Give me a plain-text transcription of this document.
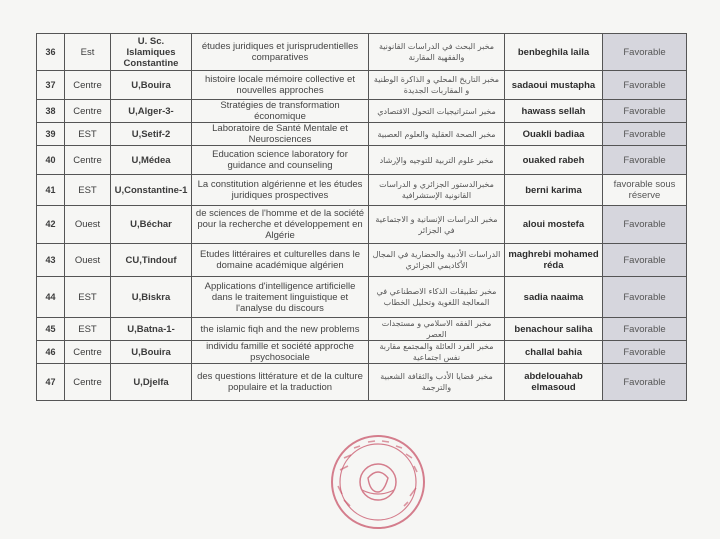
36	Est	U. Sc. Islamiques Constantine	études juridiques et jurisprudentielles comparatives	مخبر البحث في الدراسات القانونية والفقهية المقارنة	benbeghila laila	Favorable
37	Centre	U,Bouira	histoire locale mémoire collective et nouvelles approches	مخبر التاريخ المحلي و الذاكرة الوطنية و المقاربات الجديدة	sadaoui mustapha	Favorable
38	Centre	U,Alger-3-	Stratégies de transformation économique	مخبر استراتيجيات التحول الاقتصادي	hawass sellah	Favorable
39	EST	U,Setif-2	Laboratoire de Santé Mentale et Neurosciences	مخبر الصحة العقلية والعلوم العصبية	Ouakli badiaa	Favorable
40	Centre	U,Médea	Education science laboratory for guidance and counseling	مخبر علوم التربية للتوجيه والإرشاد	ouaked rabeh	Favorable
41	EST	U,Constantine-1	La constitution algérienne et les études juridiques prospectives	مخبرالدستور الجزائري و الدراسات القانونية الإستشرافية	berni karima	favorable sous réserve
42	Ouest	U,Béchar	de sciences de l'homme et de la société pour la recherche et développement en Algérie	مخبر الدراسات الإنسانية و الاجتماعية في الجزائر	aloui mostefa	Favorable
43	Ouest	CU,Tindouf	Etudes littéraires et culturelles dans le domaine académique algérien	الدراسات الأدبية والحضارية في المجال الأكاديمي الجزائري	maghrebi mohamed réda	Favorable
44	EST	U,Biskra	Applications d'intelligence artificielle dans le traitement linguistique et l'analyse du discours	مخبر تطبيقات الذكاء الاصطناعي في المعالجة اللغوية وتحليل الخطاب	sadia naaima	Favorable
45	EST	U,Batna-1-	the islamic fiqh and the new problems	مخبر الفقه الاسلامي و مستجدات العصر	benachour saliha	Favorable
46	Centre	U,Bouira	individu famille et société approche psychosociale	مخبر الفرد العائلة والمجتمع مقاربة نفس اجتماعية	challal bahia	Favorable
47	Centre	U,Djelfa	des questions littérature et de la culture populaire et la traduction	مخبر قضايا الأدب والثقافة الشعبية والترجمة	abdelouahab elmasoud	Favorable
